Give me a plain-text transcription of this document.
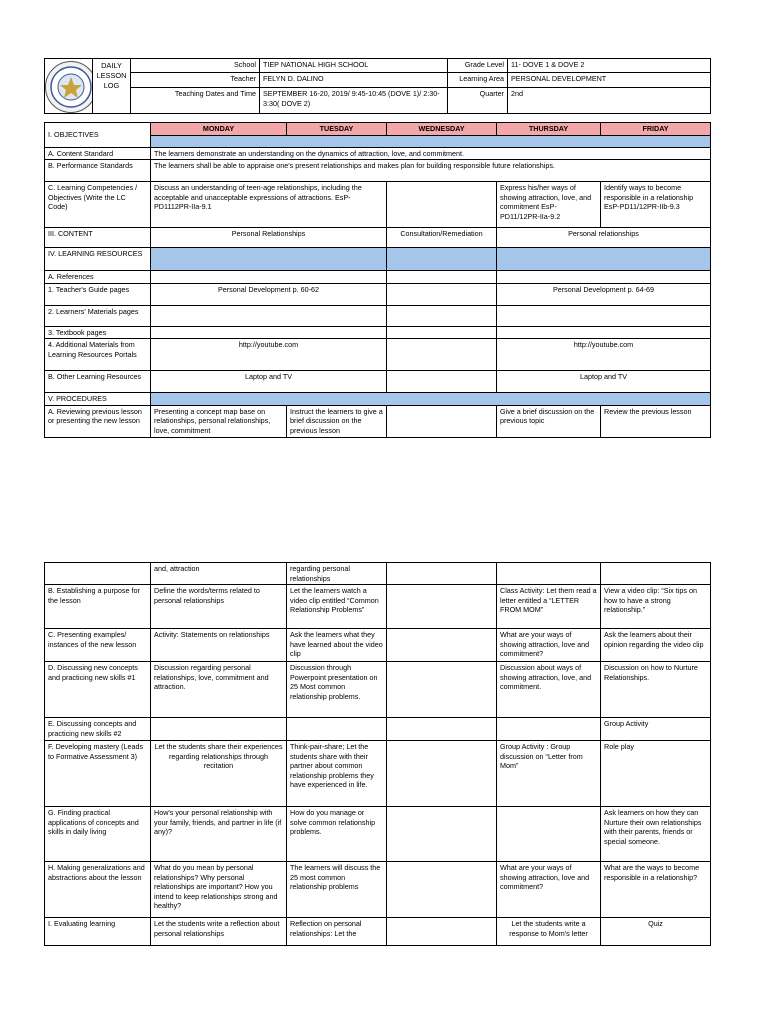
	DAILY LESSON LOG	School	TIEP NATIONAL HIGH SCHOOL	Grade Level	11- DOVE 1 & DOVE 2
		Teacher	FELYN D. DALINO	Learning Area	PERSONAL DEVELOPMENT
		Teaching Dates and Time	SEPTEMBER 16-20, 2019/ 9:45-10:45 (DOVE 1)/ 2:30-3:30( DOVE 2)	Quarter	2nd
I. OBJECTIVES	MONDAY	TUESDAY	WEDNESDAY	THURSDAY	FRIDAY

A. Content Standard	The learners demonstrate an understanding on the dynamics of attraction, love, and commitment.				
B. Performance Standards	The learners shall be able to appraise one's present relationships and makes plan for building responsible future relationships.				
C. Learning Competencies / Objectives (Write the LC Code)	Discuss an understanding of teen-age relationships, including the acceptable and unacceptable expressions of attractions. EsP-PD1112PR-IIa-9.1			Express his/her ways of showing attraction, love, and commitment EsP- PD11/12PR-IIa-9.2	Identify ways to become responsible in a relationship EsP-PD11/12PR-IIb-9.3
III. CONTENT	Personal Relationships		Consultation/Remediation	Personal relationships	
IV. LEARNING RESOURCES					
A. References					
1. Teacher's Guide pages	Personal Development p. 60-62			Personal Development p. 64-69	
2. Learners' Materials pages					
3. Textbook pages					
4. Additional Materials from Learning Resources Portals	http://youtube.com			http://youtube.com	
B. Other Learning Resources	Laptop and TV			Laptop and TV	
V. PROCEDURES					
A. Reviewing previous lesson or presenting the new lesson	Presenting a concept map base on relationships, personal relationships, love, commitment	Instruct the learners to give a brief discussion on the previous lesson		Give a brief discussion on the previous topic	Review the previous lesson
	and, attraction	regarding personal relationships			
B. Establishing a purpose for the lesson	Define the words/terms related to personal relationships	Let the learners watch a video clip entitled “Common Relationship Problems”		Class Activity: Let them read a letter entitled a “LETTER FROM MOM”	View a video clip: “Six tips on how to have a strong relationship.”
C. Presenting examples/ instances of the new lesson	Activity: Statements on relationships	Ask the learners what they have learned about the video clip		What are your ways of showing attraction, love and commitment?	Ask the learners about their opinion regarding the video clip
D. Discussing new concepts and practicing new skills #1	Discussion regarding personal relationships, love, commitment and attraction.	Discussion through Powerpoint presentation on 25 Most common relationship problems.		Discussion about ways of showing attraction, love, and commitment.	Discussion on how to Nurture Relationships.
E. Discussing concepts and practicing new skills #2					Group Activity
F. Developing mastery (Leads to Formative Assessment 3)	Let the students share their experiences regarding relationships through recitation	Think-pair-share; Let the students share with their partner about common relationship problems they have experienced in life.		Group Activity : Group discussion on “Letter from Mom”	Role play
G. Finding practical applications of concepts and skills in daily living	How's your personal relationship with your family, friends, and partner in life (if any)?	How do you manage or solve common relationship problems.			Ask learners on how they can Nurture their own relationships with their parents, friends or special someone.
H. Making generalizations and abstractions about the lesson	What do you mean by personal relationships? Why personal relationships are important? How you intend to keep relationships strong and healthy?	The learners will discuss the 25 most common relationship problems		What are your ways of showing attraction, love and commitment?	What are the ways to become responsible in a relationship?
I. Evaluating learning	Let the students write a reflection about personal relationships	Reflection on personal relationships: Let the		Let the students write a response to Mom's letter	Quiz
